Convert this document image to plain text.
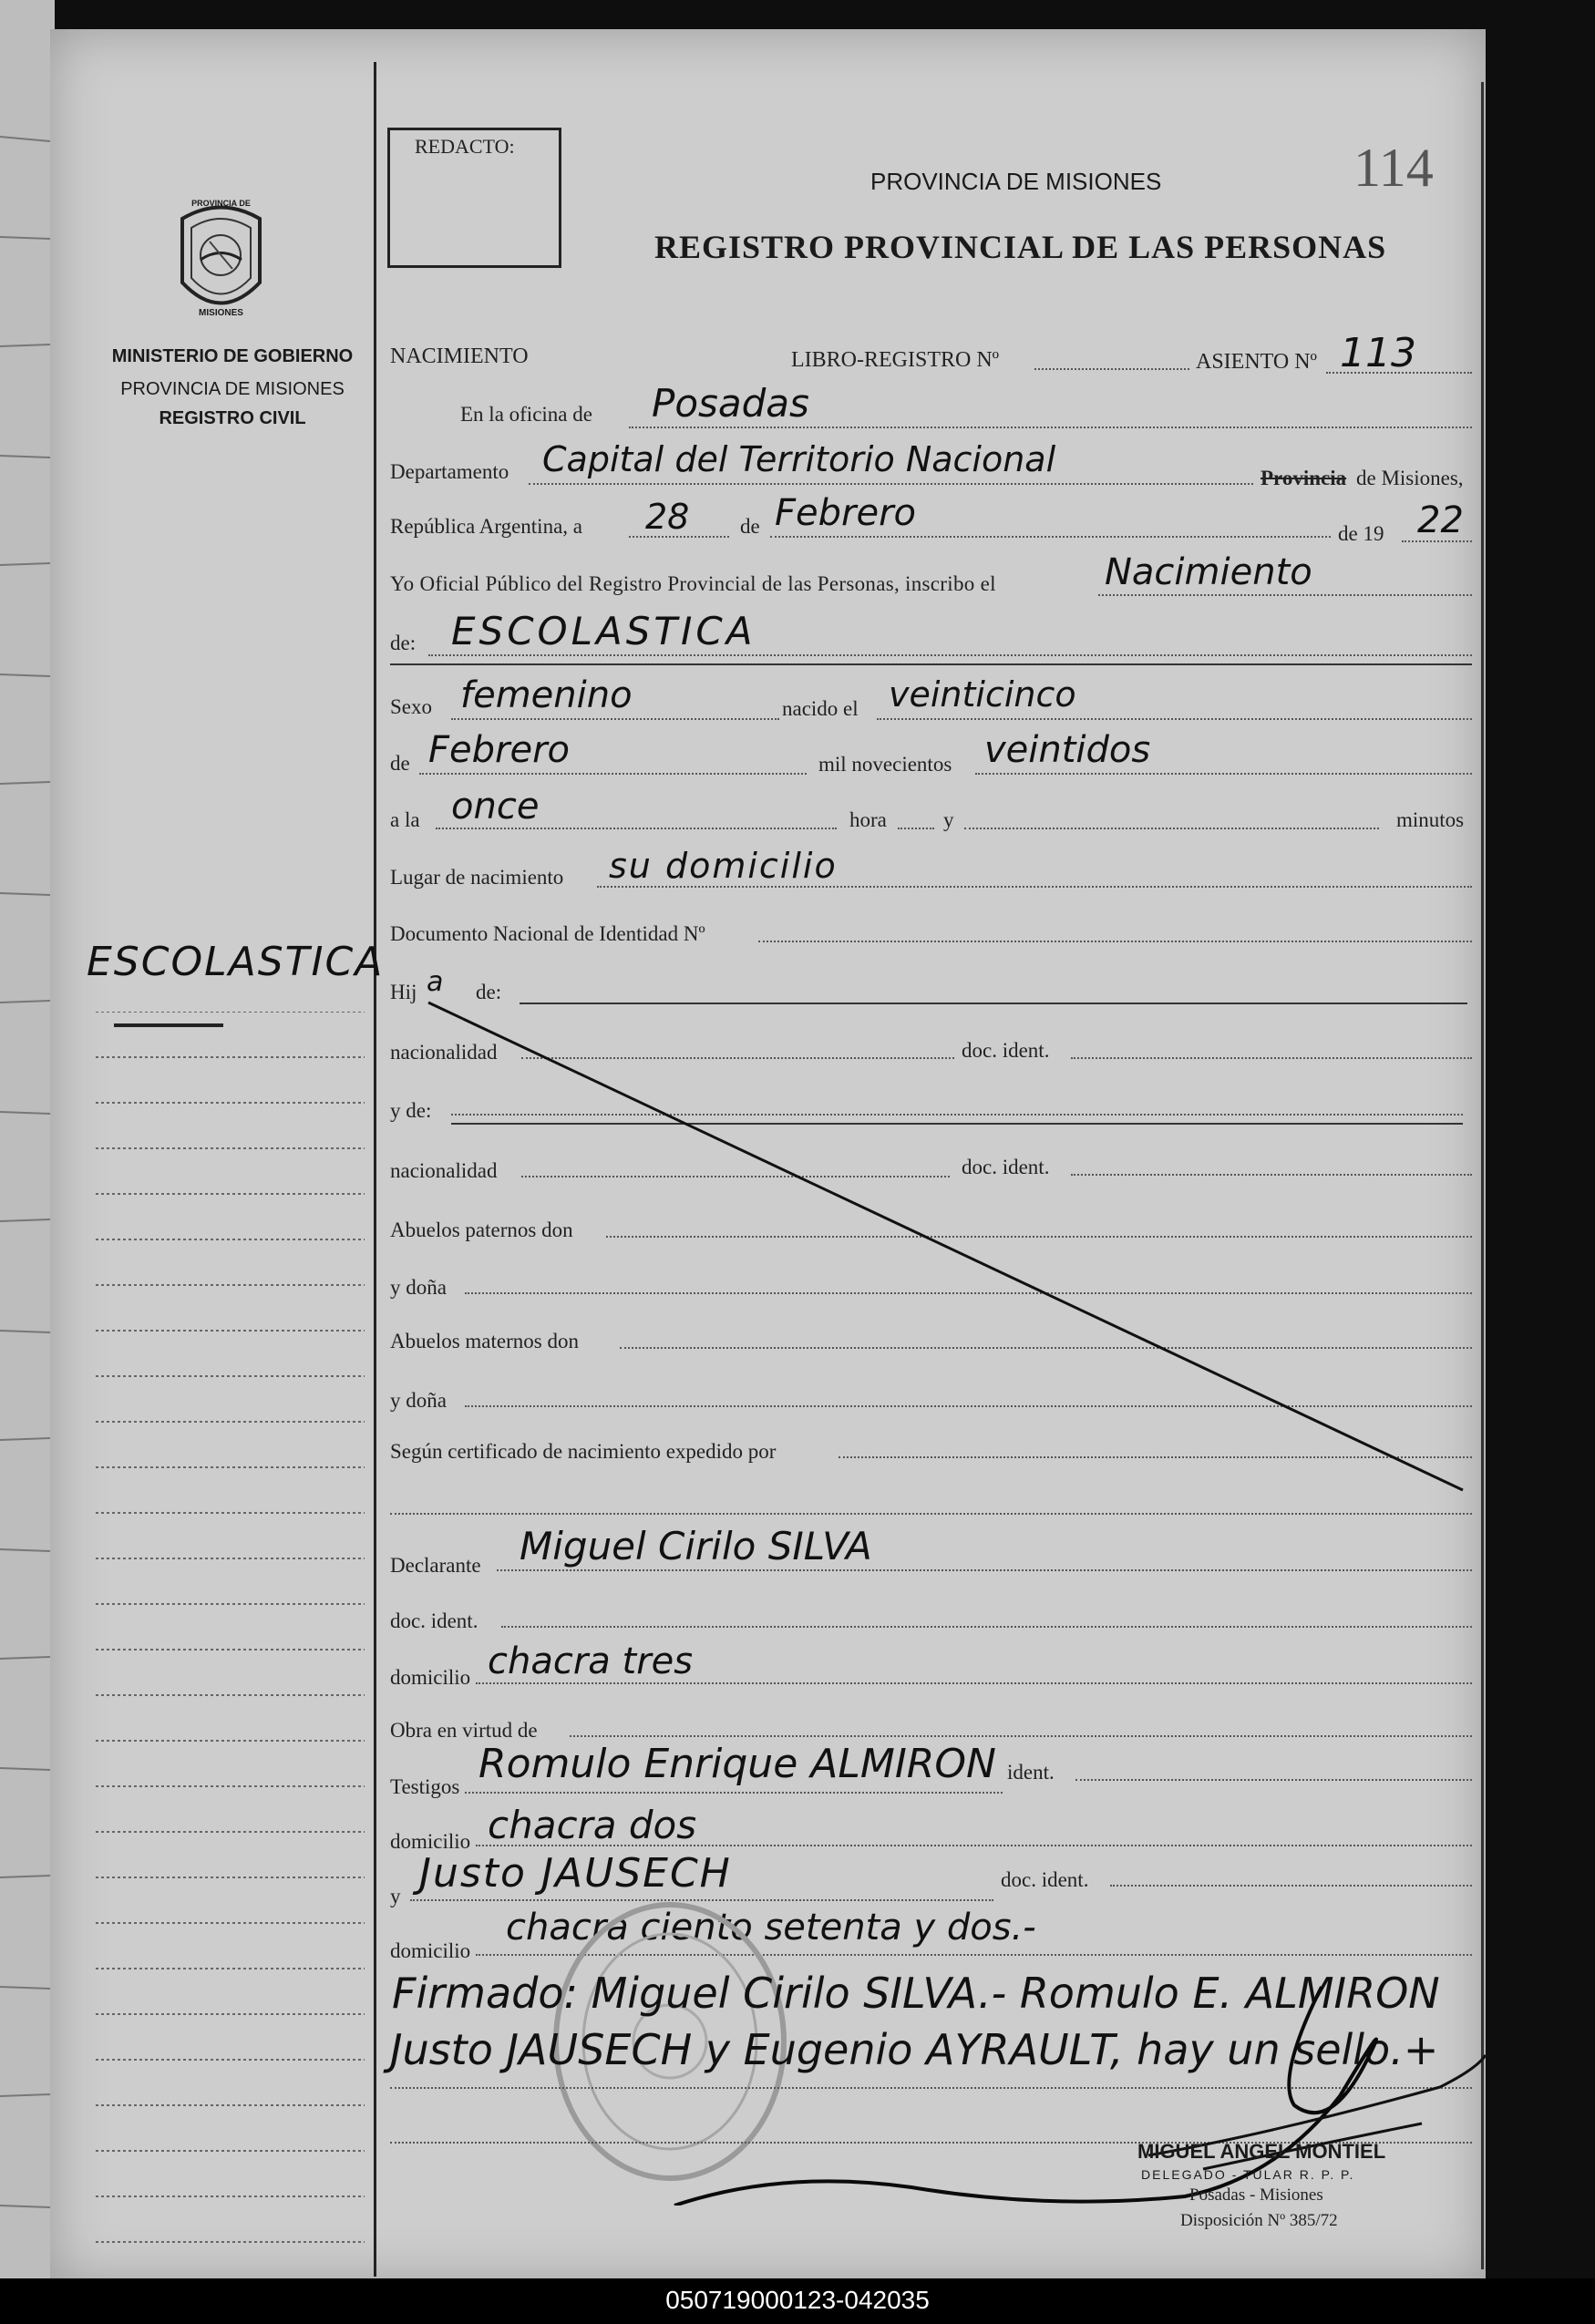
PROVINCIA DE
MISIONES
MINISTERIO DE GOBIERNO
PROVINCIA DE MISIONES
REGISTRO CIVIL
ESCOLASTICA
REDACTO:
PROVINCIA DE MISIONES
REGISTRO PROVINCIAL DE LAS PERSONAS
114
NACIMIENTO	LIBRO-REGISTRO Nº	ASIENTO Nº 113
En la oficina de Posadas
Departamento Capital del Territorio Nacional	Provincia de Misiones,
República Argentina, a 28 de Febrero	de 19 22
Yo Oficial Público del Registro Provincial de las Personas, inscribo el	Nacimiento
de: ESCOLASTICA
Sexo femenino	nacido el veinticinco
de Febrero	mil novecientos veintidos
a la once	hora	y	minutos
Lugar de nacimiento su domicilio
Documento Nacional de Identidad Nº
Hij a de:
nacionalidad	doc. ident.
y de:
nacionalidad	doc. ident.
Abuelos paternos don
y doña
Abuelos maternos don
y doña
Según certificado de nacimiento expedido por
Declarante Miguel Cirilo SILVA
doc. ident.
domicilio chacra tres
Obra en virtud de
Testigos Romulo Enrique ALMIRON ident.
domicilio chacra dos
y Justo JAUSECH	doc. ident.
domicilio
chacra ciento setenta y dos.-
Firmado: Miguel Cirilo SILVA.- Romulo E. ALMIRON
Justo JAUSECH y Eugenio AYRAULT, hay un sello.+
MIGUEL ANGEL MONTIEL
DELEGADO - TULAR R. P. P.
Posadas - Misiones
Disposición Nº 385/72
050719000123-042035
